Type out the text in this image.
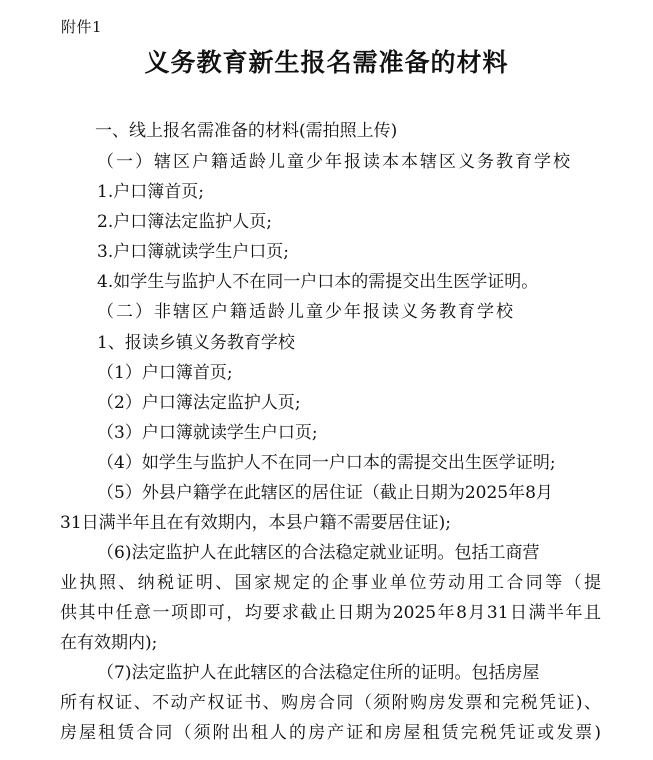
附件1
义务教育新生报名需准备的材料
一、线上报名需准备的材料(需拍照上传)
（一）辖区户籍适龄儿童少年报读本本辖区义务教育学校
1.户口簿首页;
2.户口簿法定监护人页;
3.户口簿就读学生户口页;
4.如学生与监护人不在同一户口本的需提交出生医学证明。
（二）非辖区户籍适龄儿童少年报读义务教育学校
1、报读乡镇义务教育学校
（1）户口簿首页;
（2）户口簿法定监护人页;
（3）户口簿就读学生户口页;
（4）如学生与监护人不在同一户口本的需提交出生医学证明;
（5）外县户籍学在此辖区的居住证（截止日期为2025年8月
31日满半年且在有效期内，本县户籍不需要居住证);
（6)法定监护人在此辖区的合法稳定就业证明。包括工商营
业执照、纳税证明、国家规定的企事业单位劳动用工合同等（提
供其中任意一项即可，均要求截止日期为2025年8月31日满半年且
在有效期内);
（7)法定监护人在此辖区的合法稳定住所的证明。包括房屋
所有权证、不动产权证书、购房合同（须附购房发票和完税凭证)、
房屋租赁合同（须附出租人的房产证和房屋租赁完税凭证或发票)
